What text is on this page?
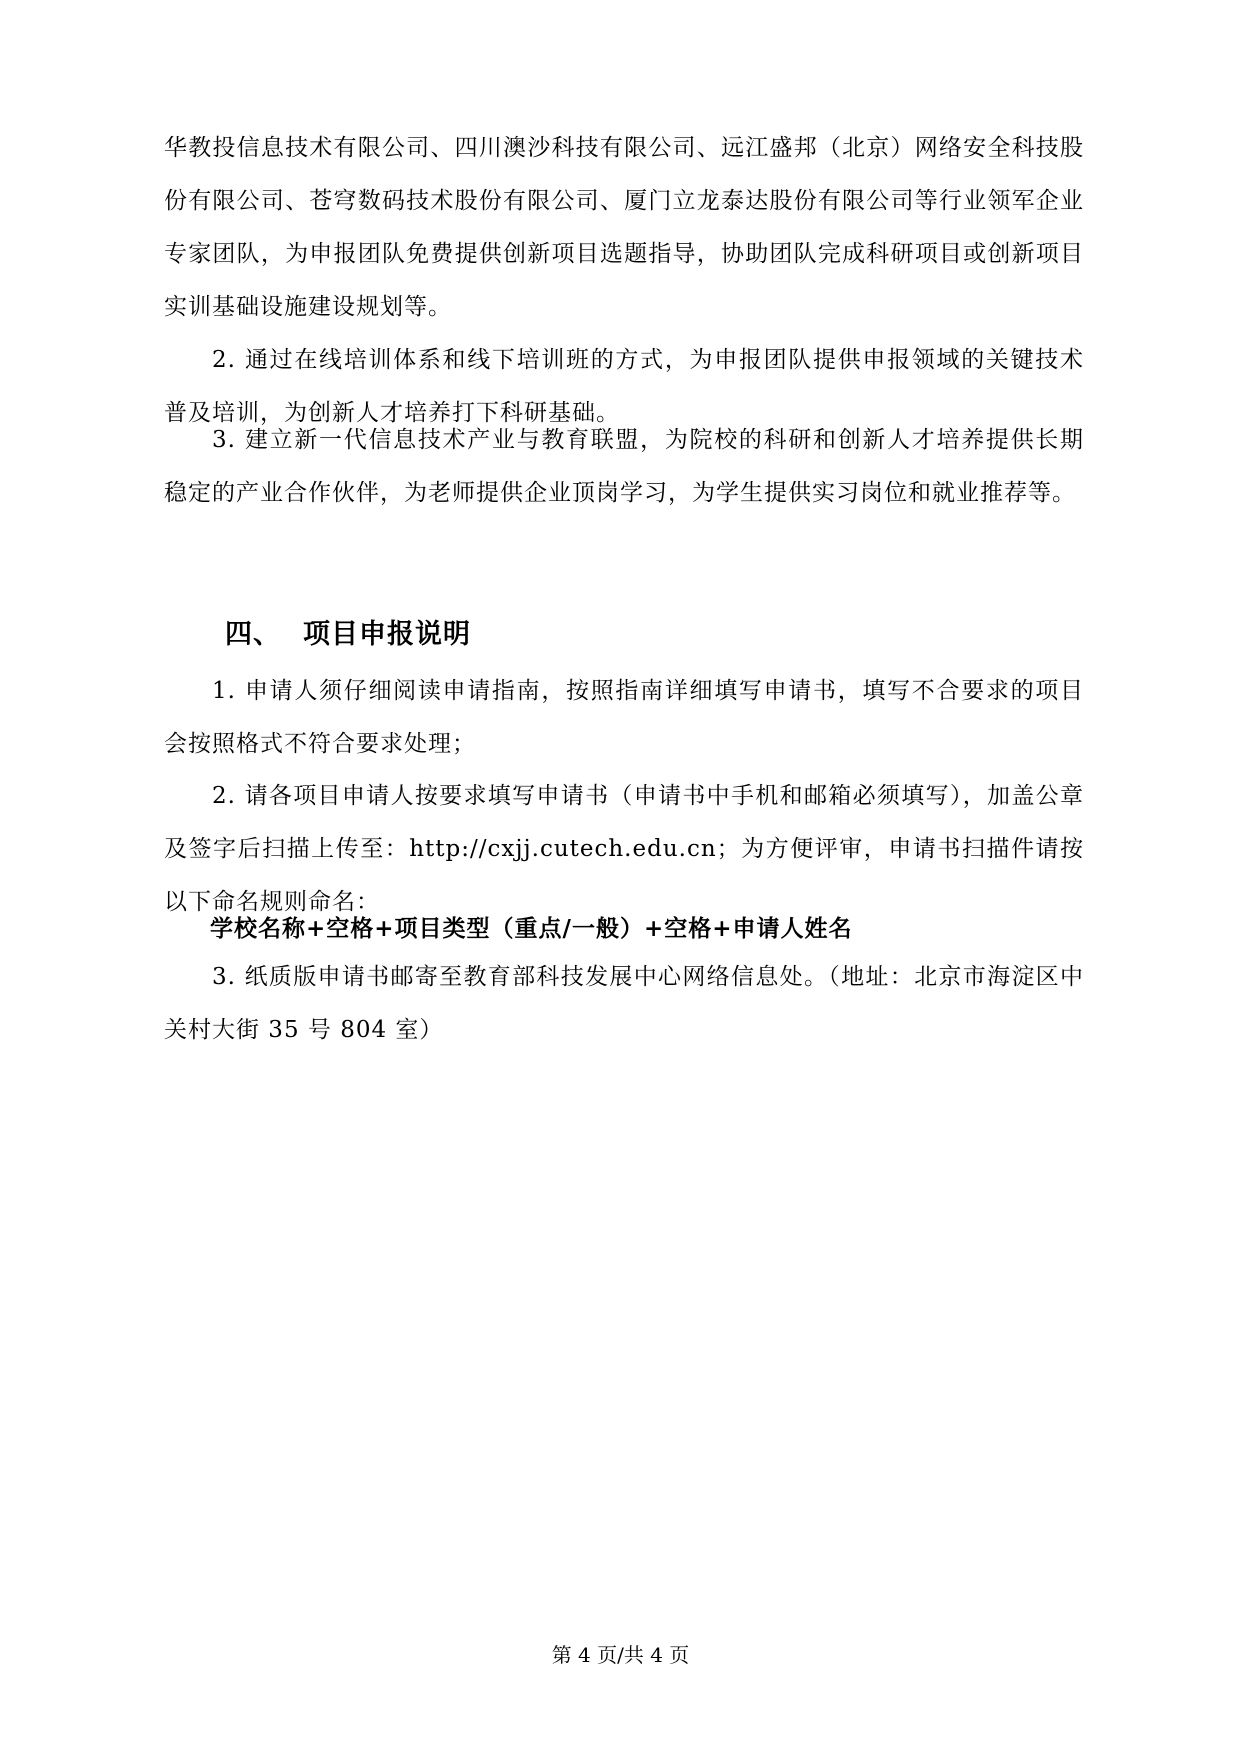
华教投信息技术有限公司、四川澳沙科技有限公司、远江盛邦（北京）网络安全科技股份有限公司、苍穹数码技术股份有限公司、厦门立龙泰达股份有限公司等行业领军企业专家团队，为申报团队免费提供创新项目选题指导，协助团队完成科研项目或创新项目实训基础设施建设规划等。

2. 通过在线培训体系和线下培训班的方式，为申报团队提供申报领域的关键技术普及培训，为创新人才培养打下科研基础。

3. 建立新一代信息技术产业与教育联盟，为院校的科研和创新人才培养提供长期稳定的产业合作伙伴，为老师提供企业顶岗学习，为学生提供实习岗位和就业推荐等。

四、 项目申报说明

1. 申请人须仔细阅读申请指南，按照指南详细填写申请书，填写不合要求的项目会按照格式不符合要求处理；

2. 请各项目申请人按要求填写申请书（申请书中手机和邮箱必须填写），加盖公章及签字后扫描上传至：http://cxjj.cutech.edu.cn；为方便评审，申请书扫描件请按以下命名规则命名：

学校名称+空格+项目类型（重点/一般）+空格+申请人姓名

3. 纸质版申请书邮寄至教育部科技发展中心网络信息处。（地址：北京市海淀区中关村大街 35 号 804 室）

第 4 页/共 4 页
